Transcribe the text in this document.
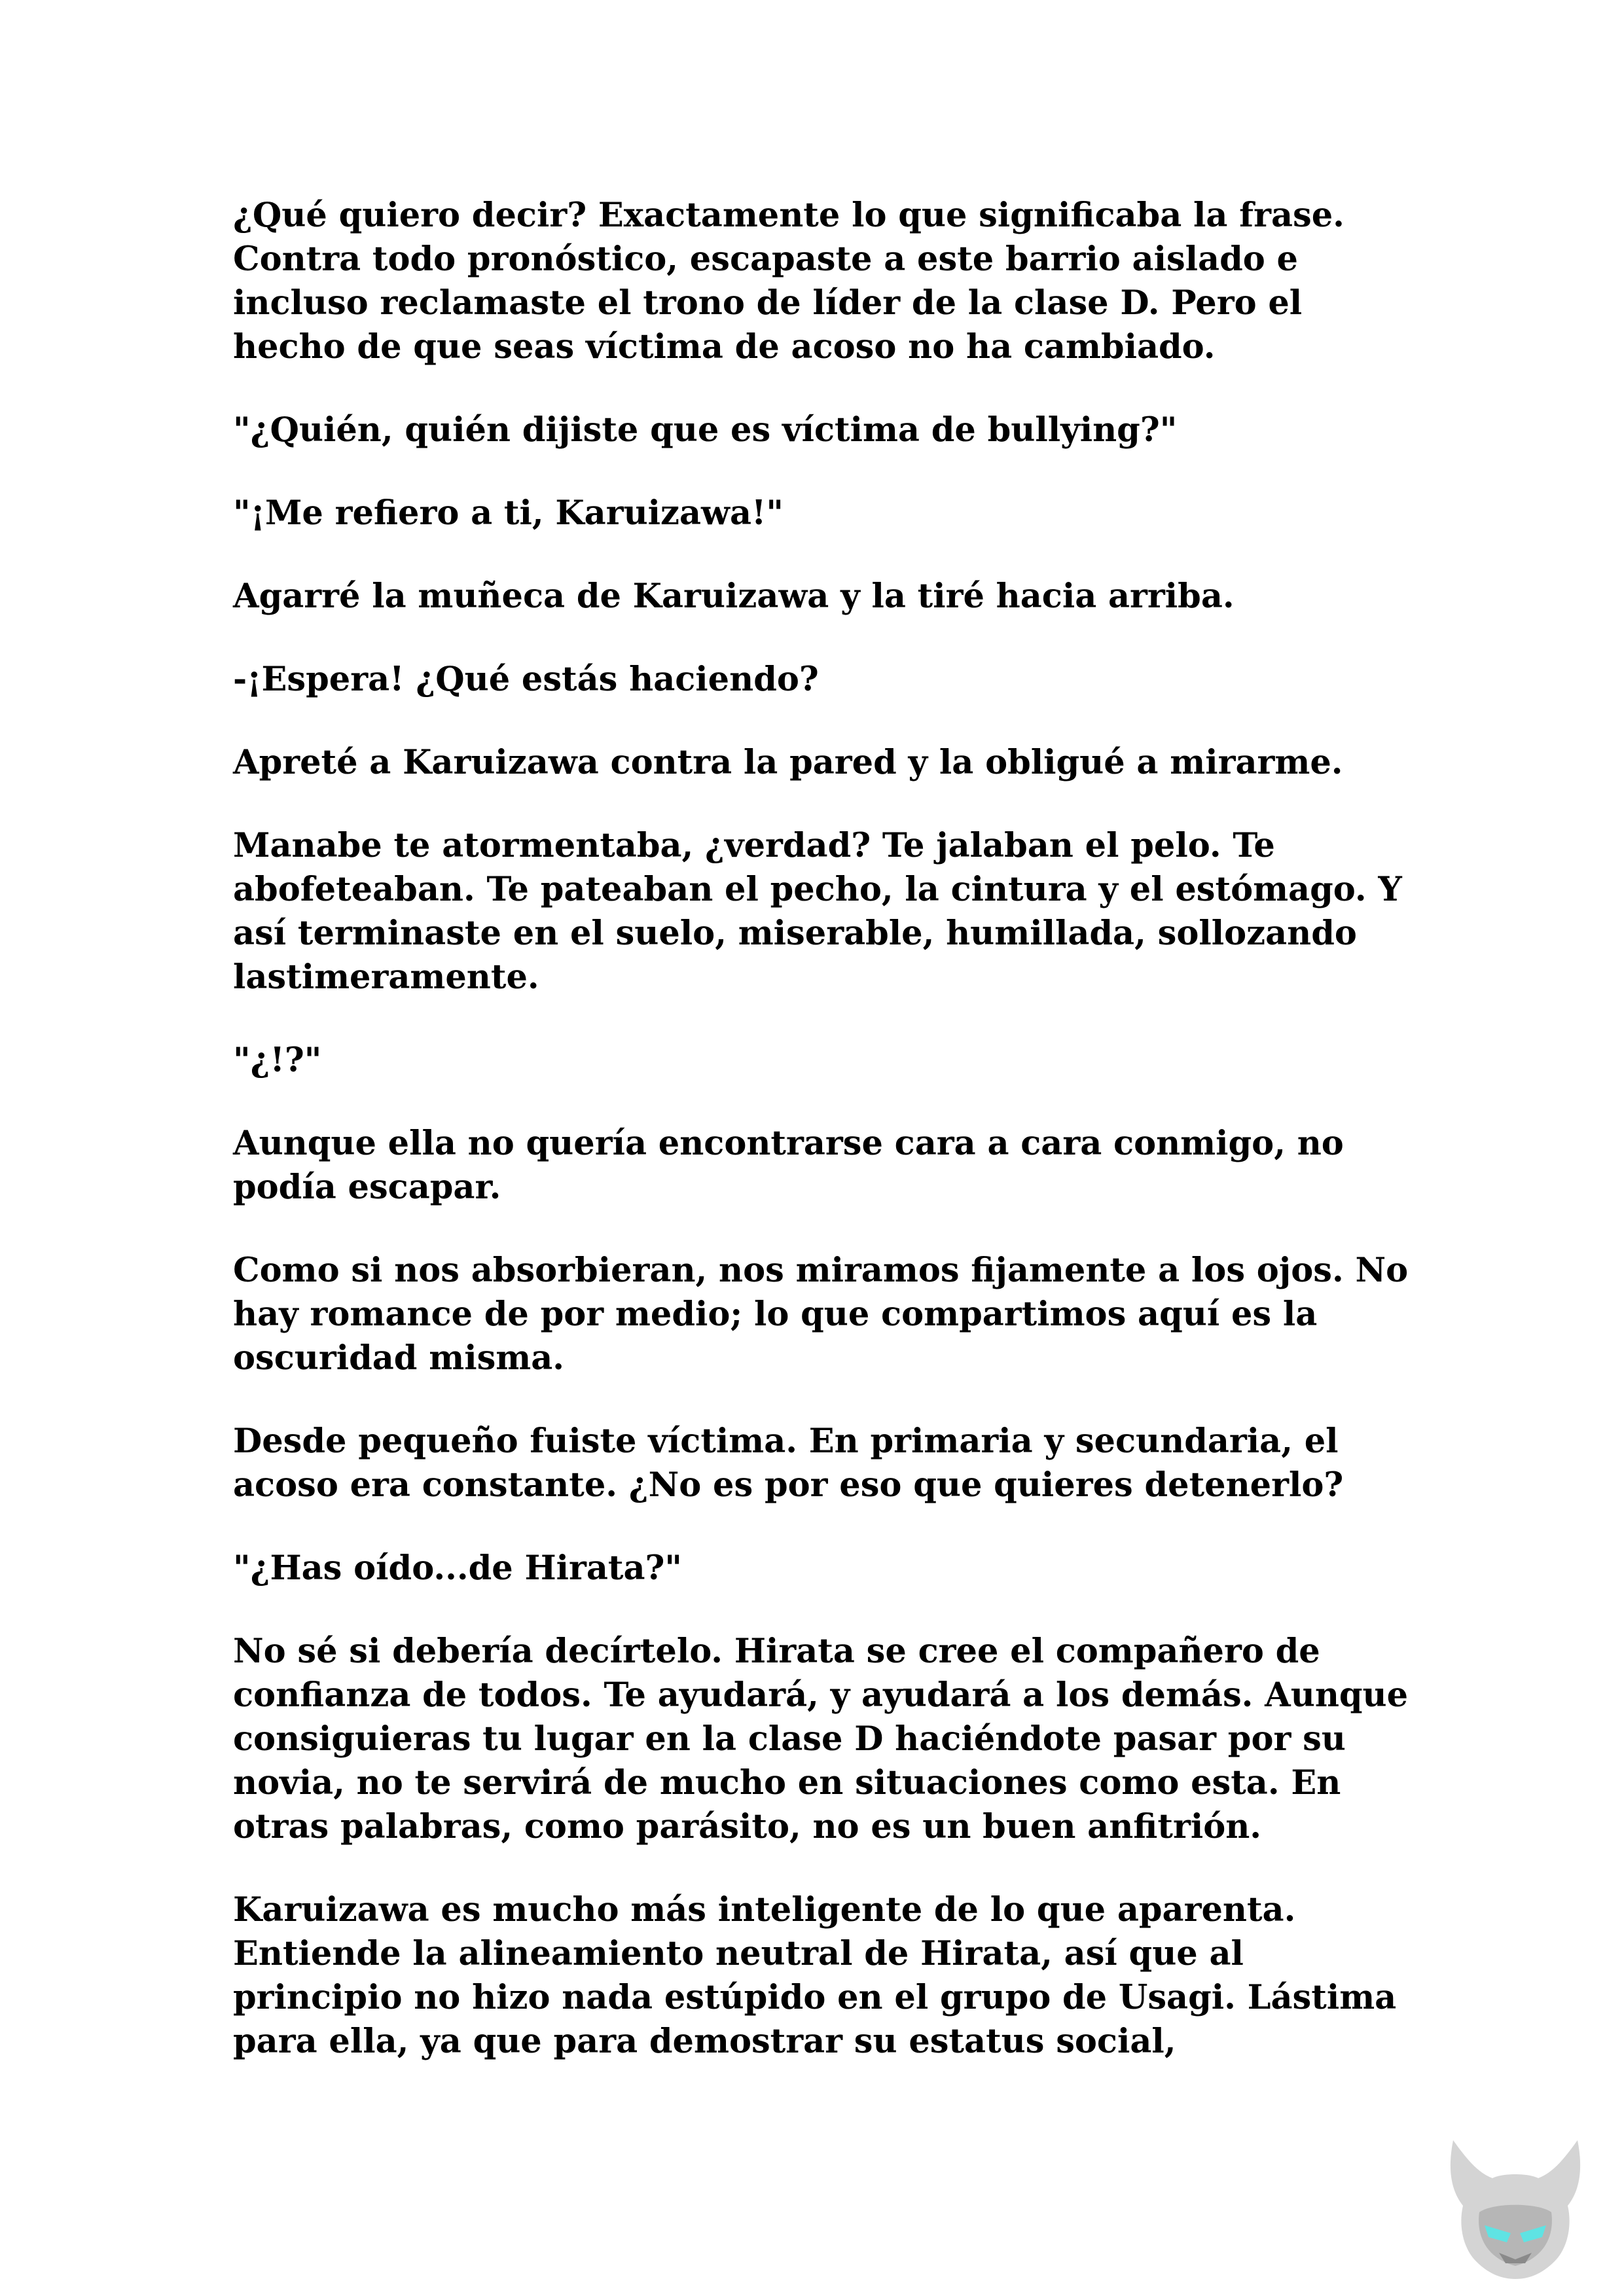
¿Qué quiero decir? Exactamente lo que significaba la frase. Contra todo pronóstico, escapaste a este barrio aislado e incluso reclamaste el trono de líder de la clase D. Pero el hecho de que seas víctima de acoso no ha cambiado.

"¿Quién, quién dijiste que es víctima de bullying?"

"¡Me refiero a ti, Karuizawa!"

Agarré la muñeca de Karuizawa y la tiré hacia arriba.

-¡Espera! ¿Qué estás haciendo?

Apreté a Karuizawa contra la pared y la obligué a mirarme.

Manabe te atormentaba, ¿verdad? Te jalaban el pelo. Te abofeteaban. Te pateaban el pecho, la cintura y el estómago. Y así terminaste en el suelo, miserable, humillada, sollozando lastimeramente.

"¿!?"

Aunque ella no quería encontrarse cara a cara conmigo, no podía escapar.

Como si nos absorbieran, nos miramos fijamente a los ojos. No hay romance de por medio; lo que compartimos aquí es la oscuridad misma.

Desde pequeño fuiste víctima. En primaria y secundaria, el acoso era constante. ¿No es por eso que quieres detenerlo?

"¿Has oído...de Hirata?"

No sé si debería decírtelo. Hirata se cree el compañero de confianza de todos. Te ayudará, y ayudará a los demás. Aunque consiguieras tu lugar en la clase D haciéndote pasar por su novia, no te servirá de mucho en situaciones como esta. En otras palabras, como parásito, no es un buen anfitrión.

Karuizawa es mucho más inteligente de lo que aparenta. Entiende la alineamiento neutral de Hirata, así que al principio no hizo nada estúpido en el grupo de Usagi. Lástima para ella, ya que para demostrar su estatus social,
